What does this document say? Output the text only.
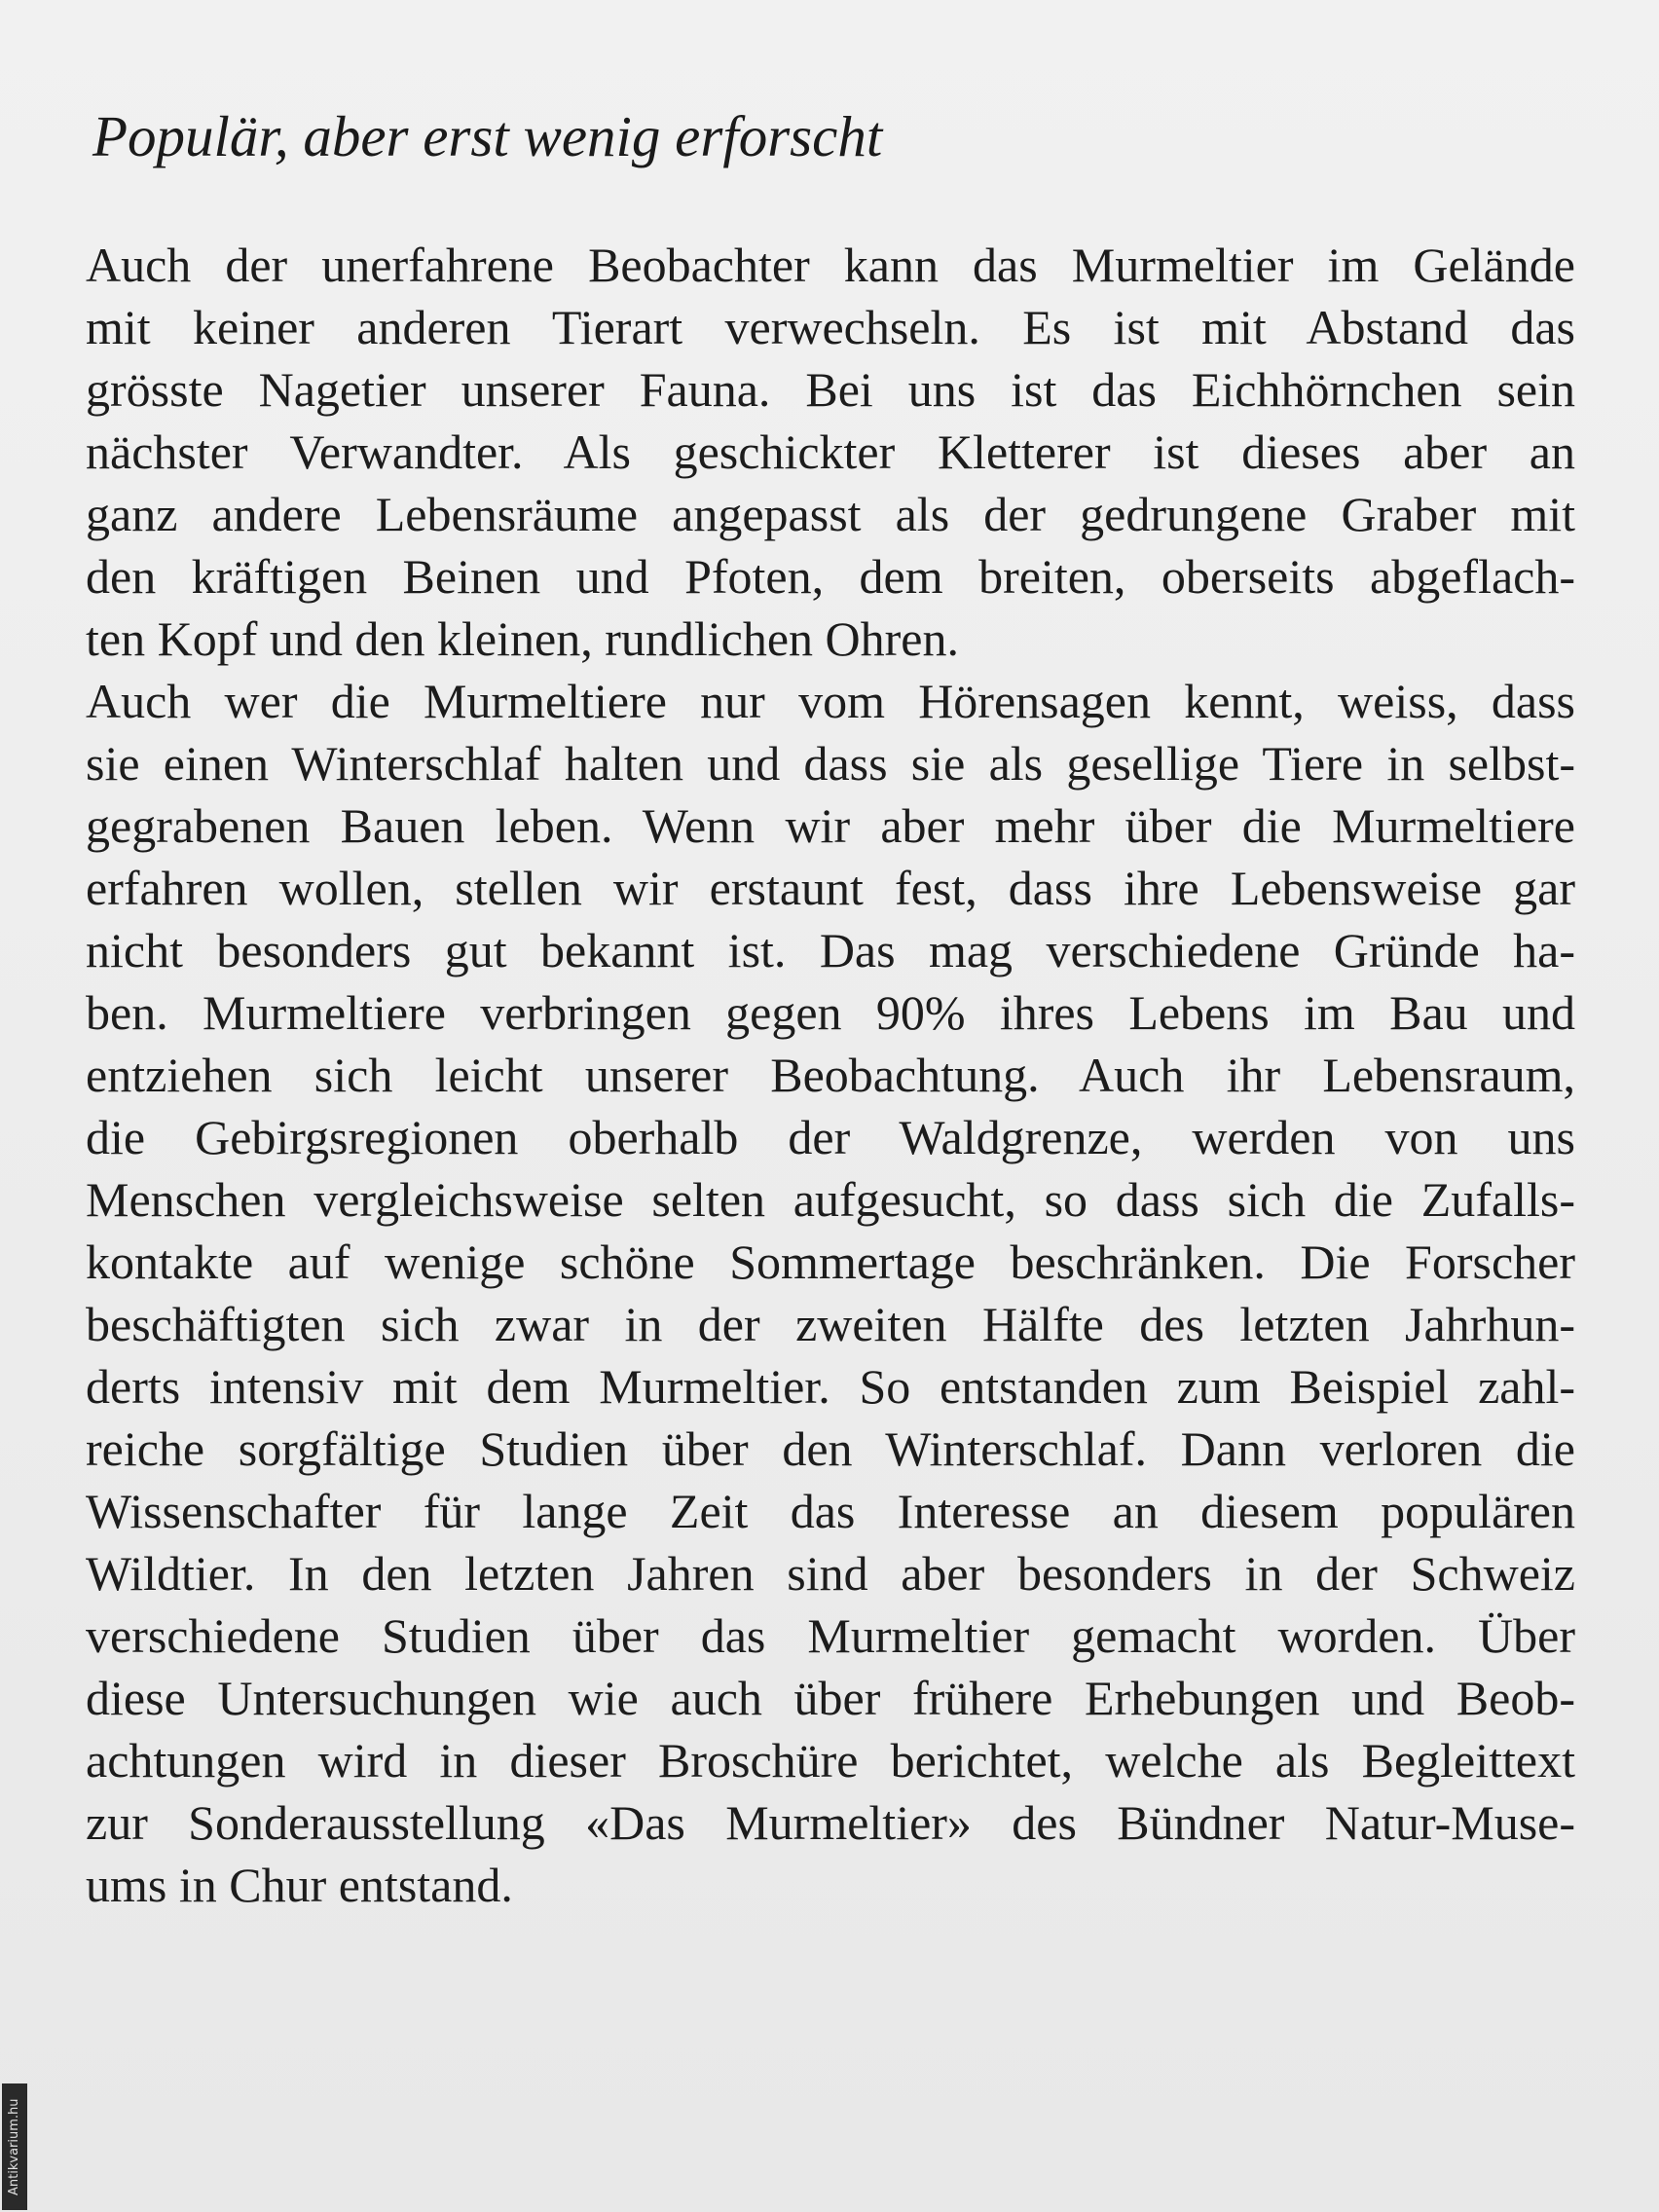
Populär, aber erst wenig erforscht

Auch der unerfahrene Beobachter kann das Murmeltier im Gelände
mit keiner anderen Tierart verwechseln. Es ist mit Abstand das
grösste Nagetier unserer Fauna. Bei uns ist das Eichhörnchen sein
nächster Verwandter. Als geschickter Kletterer ist dieses aber an
ganz andere Lebensräume angepasst als der gedrungene Graber mit
den kräftigen Beinen und Pfoten, dem breiten, oberseits abgeflach-
ten Kopf und den kleinen, rundlichen Ohren.

Auch wer die Murmeltiere nur vom Hörensagen kennt, weiss, dass
sie einen Winterschlaf halten und dass sie als gesellige Tiere in selbst-
gegrabenen Bauen leben. Wenn wir aber mehr über die Murmeltiere
erfahren wollen, stellen wir erstaunt fest, dass ihre Lebensweise gar
nicht besonders gut bekannt ist. Das mag verschiedene Gründe ha-
ben. Murmeltiere verbringen gegen 90% ihres Lebens im Bau und
entziehen sich leicht unserer Beobachtung. Auch ihr Lebensraum,
die Gebirgsregionen oberhalb der Waldgrenze, werden von uns
Menschen vergleichsweise selten aufgesucht, so dass sich die Zufalls-
kontakte auf wenige schöne Sommertage beschränken. Die Forscher
beschäftigten sich zwar in der zweiten Hälfte des letzten Jahrhun-
derts intensiv mit dem Murmeltier. So entstanden zum Beispiel zahl-
reiche sorgfältige Studien über den Winterschlaf. Dann verloren die
Wissenschafter für lange Zeit das Interesse an diesem populären
Wildtier. In den letzten Jahren sind aber besonders in der Schweiz
verschiedene Studien über das Murmeltier gemacht worden. Über
diese Untersuchungen wie auch über frühere Erhebungen und Beob-
achtungen wird in dieser Broschüre berichtet, welche als Begleittext
zur Sonderausstellung «Das Murmeltier» des Bündner Natur-Muse-
ums in Chur entstand.

Antikvarium.hu
